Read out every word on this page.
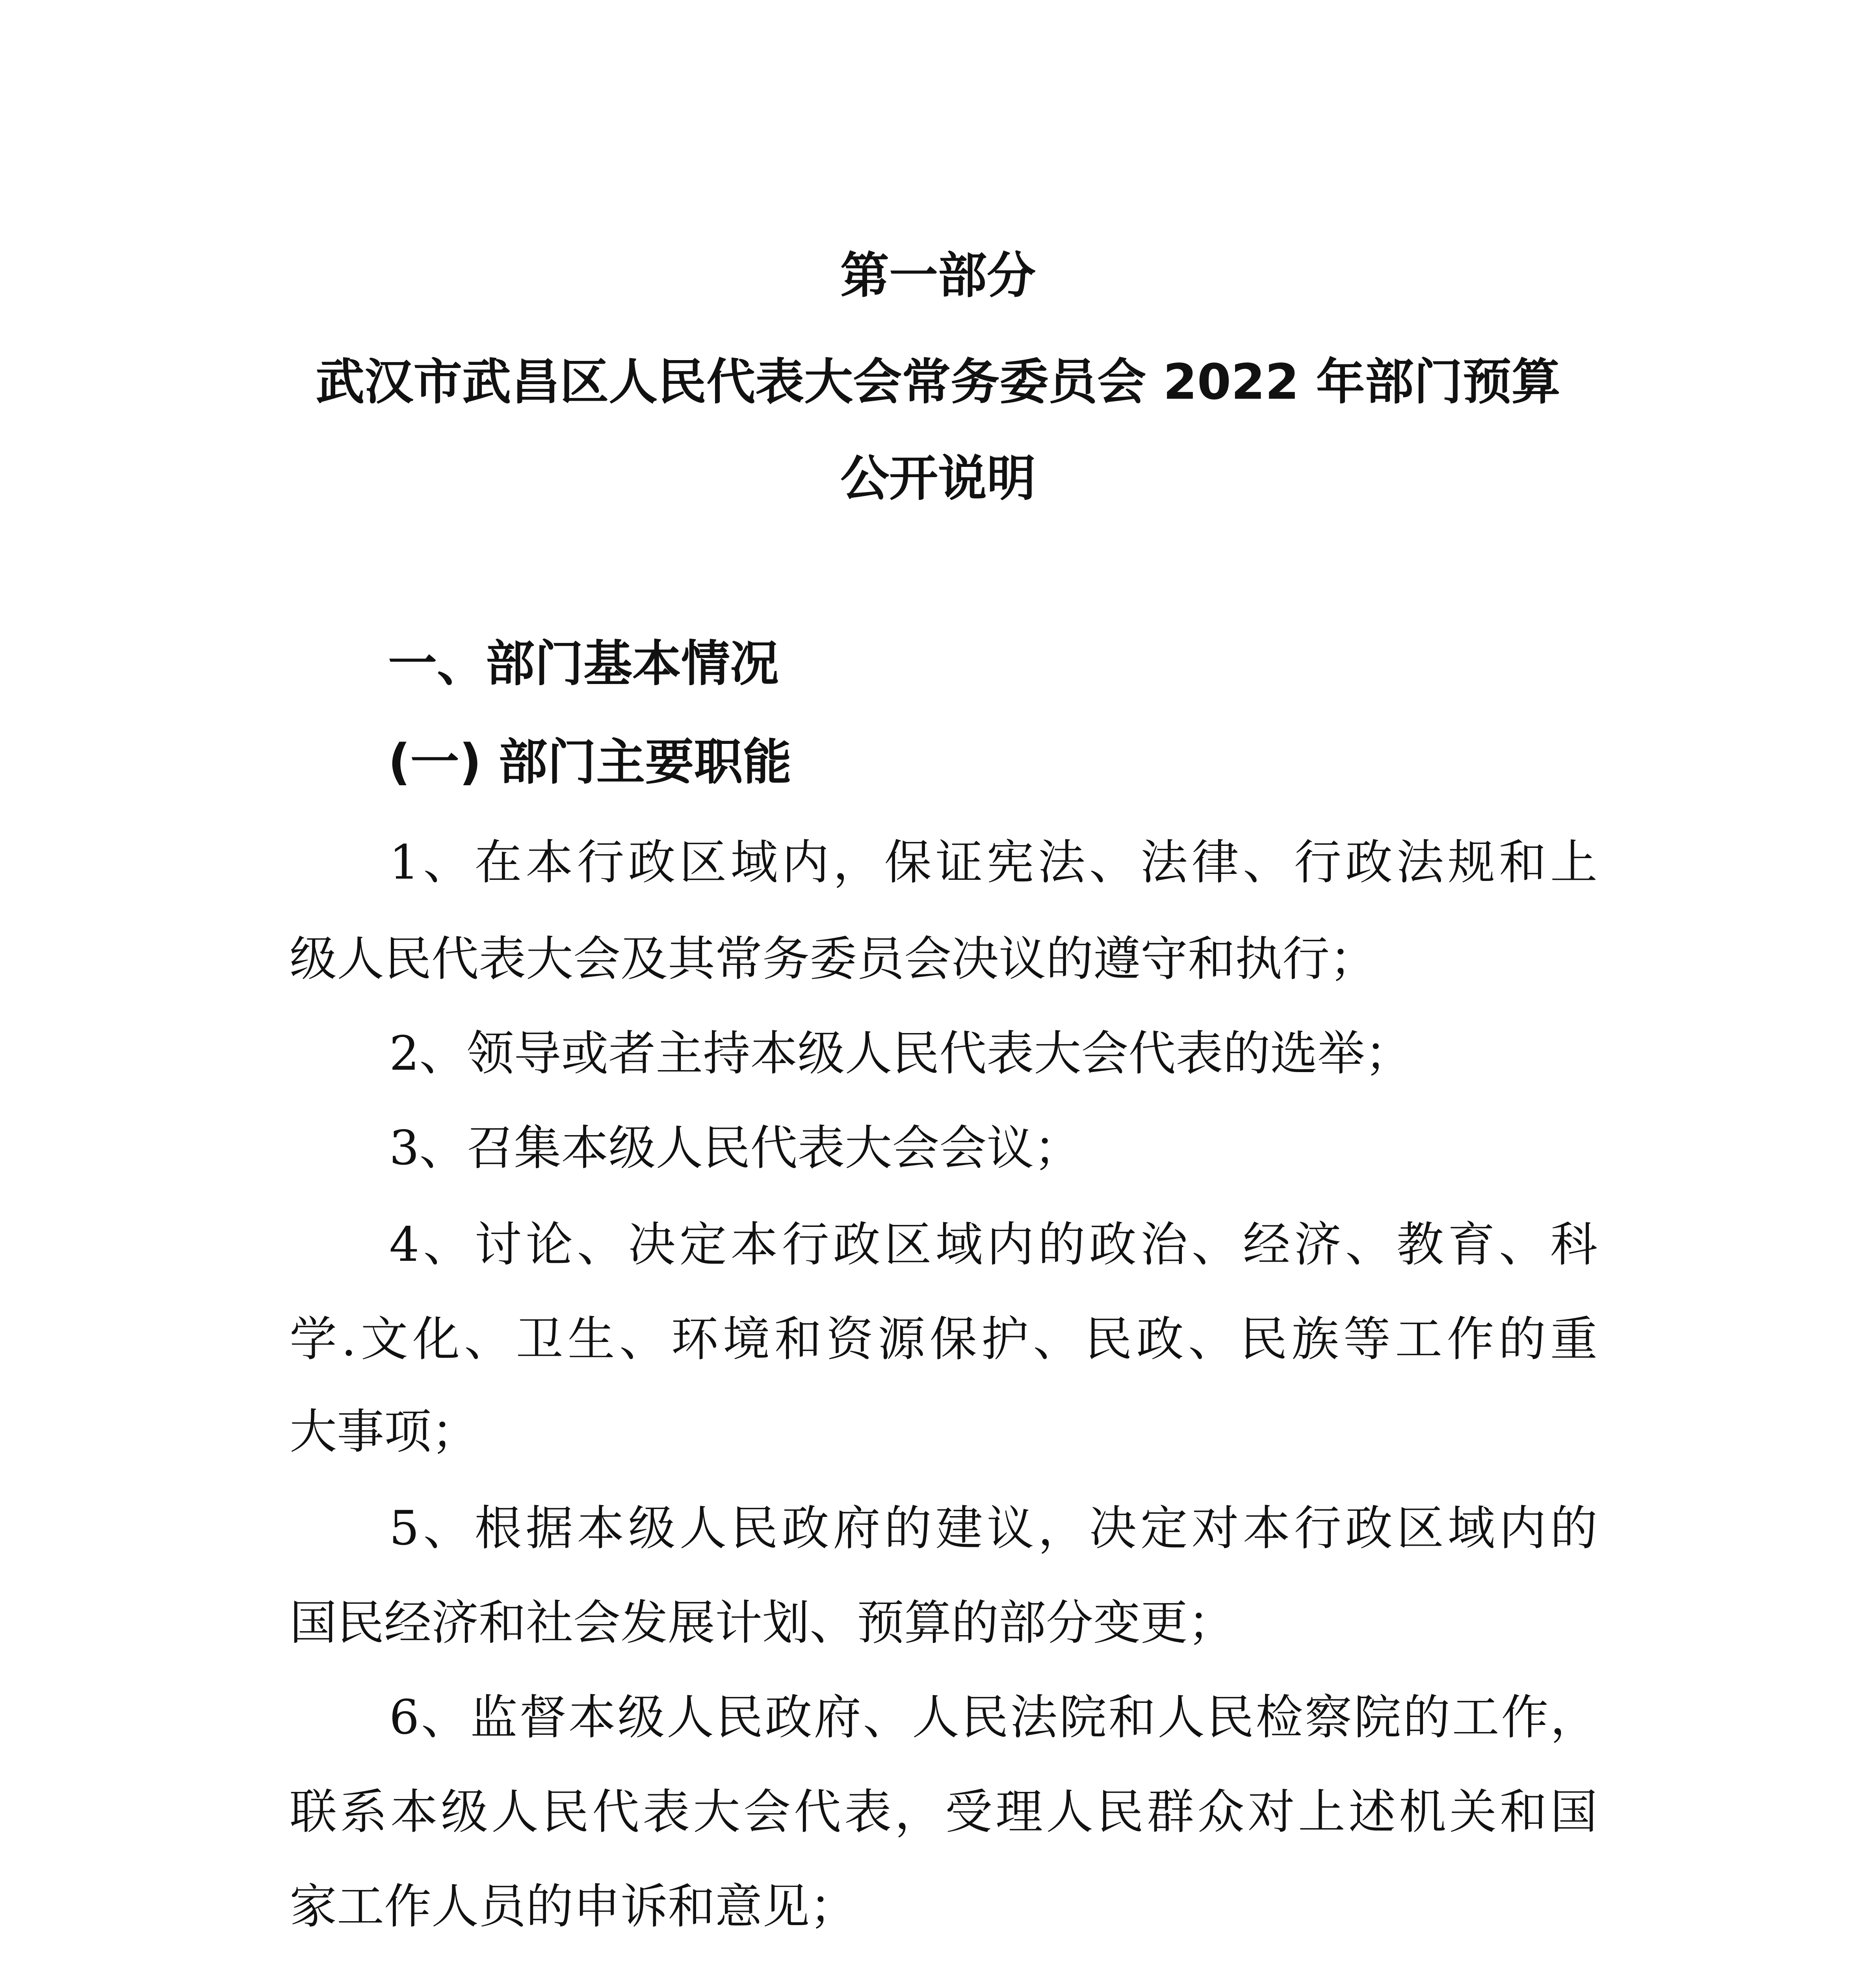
第一部分
武汉市武昌区人民代表大会常务委员会 2022 年部门预算
公开说明
一、部门基本情况
(一) 部门主要职能
1、在本行政区域内，保证宪法、法律、行政法规和上
级人民代表大会及其常务委员会决议的遵守和执行；
2、领导或者主持本级人民代表大会代表的选举；
3、召集本级人民代表大会会议；
4、讨论、决定本行政区域内的政治、经济、教育、科
学.文化、卫生、环境和资源保护、民政、民族等工作的重
大事项；
5、根据本级人民政府的建议，决定对本行政区域内的
国民经济和社会发展计划、预算的部分变更；
6、监督本级人民政府、人民法院和人民检察院的工作，
联系本级人民代表大会代表，受理人民群众对上述机关和国
家工作人员的申诉和意见；
